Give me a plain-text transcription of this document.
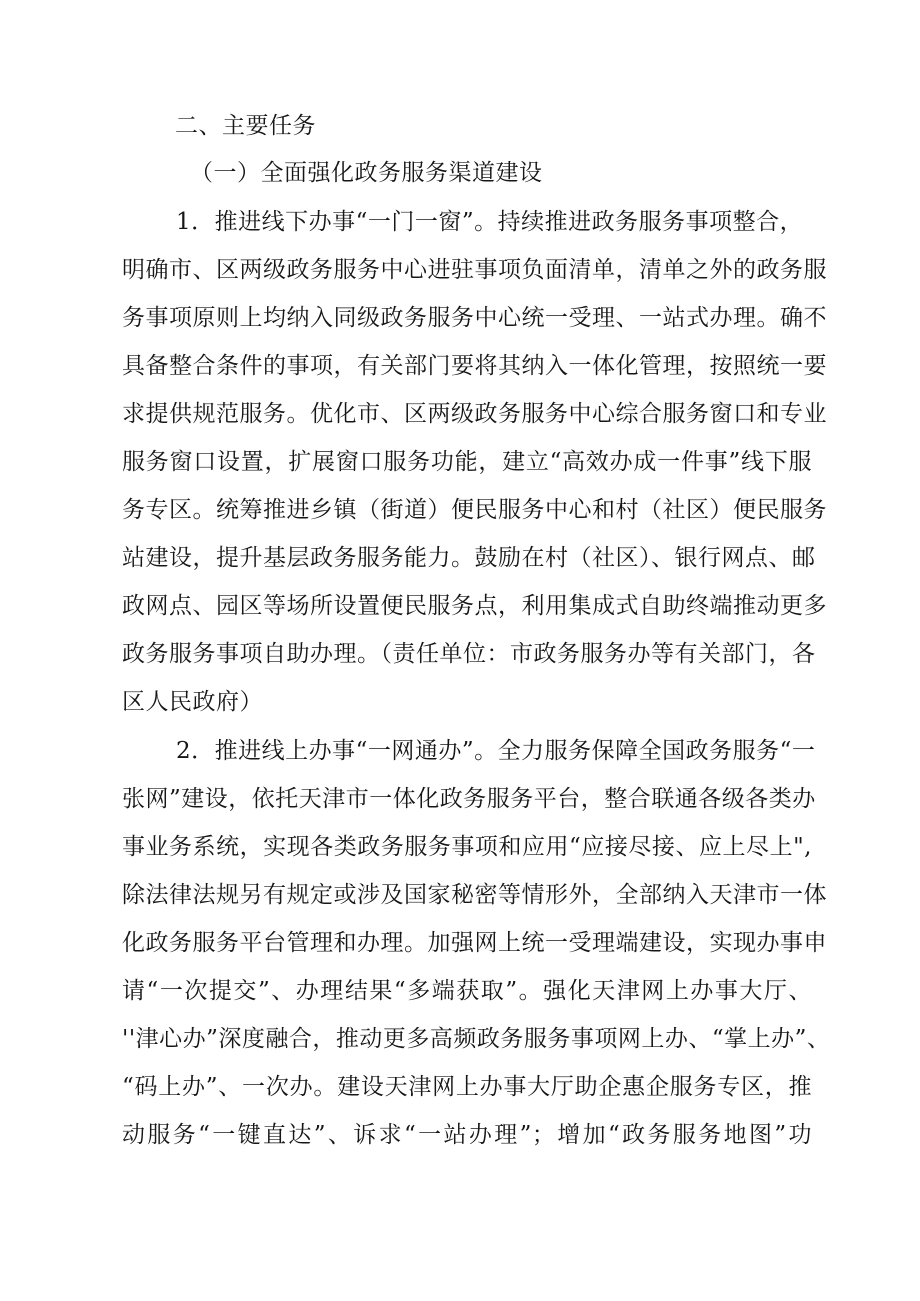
二、主要任务
（一）全面强化政务服务渠道建设
1．推进线下办事“一门一窗”。持续推进政务服务事项整合，
明确市、区两级政务服务中心进驻事项负面清单，清单之外的政务服
务事项原则上均纳入同级政务服务中心统一受理、一站式办理。确不
具备整合条件的事项，有关部门要将其纳入一体化管理，按照统一要
求提供规范服务。优化市、区两级政务服务中心综合服务窗口和专业
服务窗口设置，扩展窗口服务功能，建立“高效办成一件事”线下服
务专区。统筹推进乡镇（街道）便民服务中心和村（社区）便民服务
站建设，提升基层政务服务能力。鼓励在村（社区）、银行网点、邮
政网点、园区等场所设置便民服务点，利用集成式自助终端推动更多
政务服务事项自助办理。（责任单位：市政务服务办等有关部门，各
区人民政府）
2．推进线上办事“一网通办”。全力服务保障全国政务服务“一
张网”建设，依托天津市一体化政务服务平台，整合联通各级各类办
事业务系统，实现各类政务服务事项和应用“应接尽接、应上尽上",
除法律法规另有规定或涉及国家秘密等情形外，全部纳入天津市一体
化政务服务平台管理和办理。加强网上统一受理端建设，实现办事申
请“一次提交”、办理结果“多端获取”。强化天津网上办事大厅、
''津心办”深度融合，推动更多高频政务服务事项网上办、“掌上办”、
“码上办”、一次办。建设天津网上办事大厅助企惠企服务专区，推
动服务“一键直达”、诉求“一站办理”；增加“政务服务地图”功
